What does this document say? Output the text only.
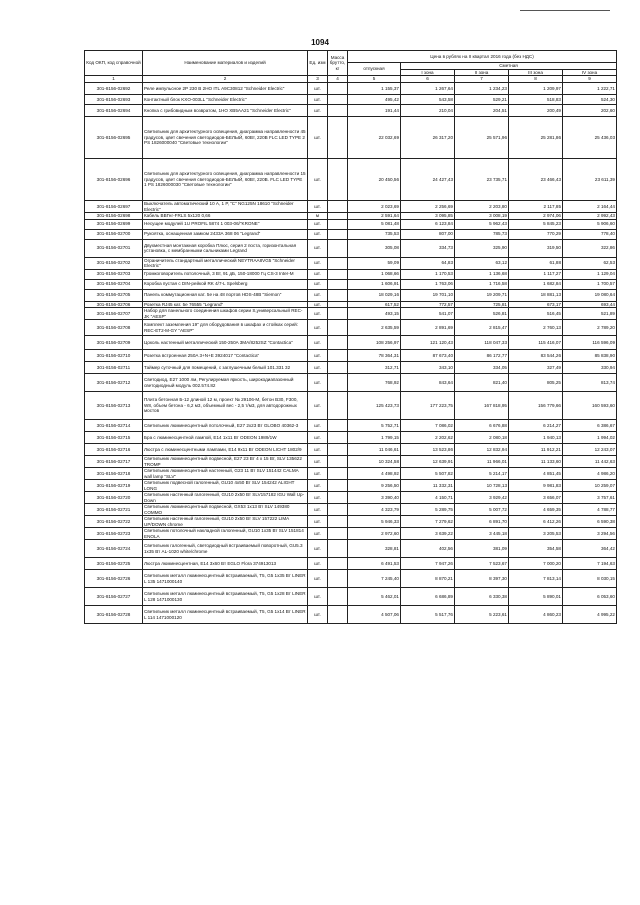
1094
Код ОКП, код справочной	Наименование материалов и изделий	Ед. изм	Масса брутто, кг	Цена в рублях на II квартал 2016 года (без НДС)				
				отпускная	Сметная			
					I зона	II зона	III зона	IV зона
1	2	3	4	5	6	7	8	9
301-8156-02692	Реле импульсное 2Р 230 В 2НО ITL А9С30812 "Schneider Electric"	шт.		1 155,37	1 267,64	1 234,23	1 209,97	1 222,71
301-8156-02693	Контактный блок KXO-003LL "Schneider Electric"	шт.		495,42	543,58	529,21	518,83	524,30
301-8156-02694	Кнопка с грибовидным возвратом, 1НО XB5AA21 "Schneider Electric"	шт.		191,44	210,04	204,51	200,49	202,60
301-8156-02695	Светильник для архитектурного освещения, диаграмма направленности 45 градусов, цвет свечения светодиодов-БЕЛЫЙ, 60Вт, 220В FLC LED TYPE 2 PS 1826000040 "Световые технологии"	шт.		22 032,69	26 317,20	25 571,96	25 281,86	25 436,03
301-8156-02696	Светильник для архитектурного освещения, диаграмма направленности 15 градусов, цвет свечения светодиодов-БЕЛЫЙ, 60Вт, 220В. FLC LED TYPE 1 PS 1826000030 "Световые технологии"	шт.		20 450,56	24 427,43	23 735,71	23 466,43	23 611,39
301-8156-02697	Выключатель автоматический 10 А, 1 Р, "С" NG125N 18610 "Schneider Electric"	шт.		2 023,69	2 256,69	2 203,80	2 117,85	2 164,44
301-8156-02698	Кабель ВВГнг-FRLS 5х120 0,66	м		2 591,64	3 095,85	3 008,19	2 974,06	2 992,43
301-8156-02699	Несущее модулей 1U PROFIL 5874 1 003-06/"KRONE"	шт.		5 081,48	6 123,84	5 962,43	5 845,23	5 906,60
301-8156-02700	Рукоятка, оснащенная замком 2433А 368 06 "Legrand"	шт.		735,53	807,00	785,73	770,29	778,40
301-8156-02701	Двухместная монтажная коробка Плюс, серия 2 поста, горизонтальная установка, с мембранными сальниками Legrand	шт.		305,08	334,73	325,90	319,50	322,86
301-8156-02702	Ограничитель стандартный металлический NEYTRAA8VG5 "Schneider Electric"	шт.		59,09	64,83	63,12	61,88	62,53
301-8156-02703	Громкоговоритель потолочный, 3 Вт, 91 дБ, 150-18000 Гц CS-3 Inter-M	шт.		1 068,66	1 170,53	1 136,68	1 117,27	1 129,04
301-8156-02704	Коробка пустая с DIN-рейкой RK 4/7-L Spelsberg	шт.		1 606,91	1 763,06	1 716,58	1 682,84	1 700,57
301-8156-02705	Панель коммутационная кат. 5е на 48 портов HDS-48B "Siemon"	шт.		18 029,16	19 701,10	19 209,71	18 881,13	19 080,64
301-8156-02706	Розетка RJ45 кат. 5е 76555 "Legrand"	шт.		617,52	772,57	725,81	673,17	693,44
301-8156-02707	Набор для панельного соединения шкафов серии S,универсальный REC-JK "AESP"	шт.		493,15	541,07	526,81	516,45	521,89
301-8156-02708	Комплект заземления 19" для оборудования в шкафах и стойках серий: REC-ET2-M-GY "AESP"	шт.		2 635,59	2 891,69	2 815,47	2 760,13	2 789,20
301-8156-02709	Цоколь настенный металлический 150-250A 3MA/8252SZ "Contactica"	шт.		108 256,97	121 120,43	118 047,33	115 416,07	116 596,09
301-8156-02710	Розетка встроенная 250A 3+N+E 3924017 "Contactica"	шт.		78 364,31	87 673,40	86 172,77	83 544,26	85 838,90
301-8156-02711	Таймер суточный для помещений, с заглушечным белый 101.331 32	шт.		312,71	343,10	334,05	327,49	330,94
301-8156-02712	Светодиод, Е27 1000 лм, Регулируемая яркость, широкодиапазонный светодиодный модуль 002.574.82	шт.		768,92	843,64	821,40	805,25	813,74
301-8156-02713	Плита бетонная Б-12 длиной 12 м, проект № 29106-М, бетон В30, F300, W8, объем бетона - 6,2 м3, объемный вес - 2,5 т/м3, для автодорожных мостов	шт.		125 423,73	177 223,75	167 818,95	156 779,66	160 593,60
301-8156-02714	Светильник люминесцентный потолочный, Е27 2x23 Вт GLOBO 40362-3	шт.		5 752,71	7 086,02	6 676,88	6 214,27	6 386,67
301-8156-02715	Бра с люминесцентной лампой, Е14 1x11 Вт ODEON 1989/1W	шт.		1 799,15	2 202,62	2 080,18	1 940,13	1 994,02
301-8156-02716	Люстра с люминесцентными лампами, Е14 9x11 Вт ODEON LICHT 1802/9	шт.		11 046,61	13 523,86	12 832,94	11 912,21	12 243,07
301-8156-02717	Светильник люминесцентный подвесной, Е27 23 Вт 4 x 15 Вт, SLV 135622 TROMP	шт.		10 324,58	12 639,91	11 966,01	11 133,60	11 442,63
301-8156-02718	Светильник люминесцентный настенный, G23 11 Вт SLV 151442 CALMA wall lamp "SLV"	шт.		4 498,92	5 507,82	5 214,17	4 851,45	4 986,20
301-8156-02719	Светильник подвесной галогенный, GU10 4x50 Вт SLV 154242 ALIGHT LONG	шт.		9 256,50	11 332,31	10 728,13	9 981,83	10 259,07
301-8156-02720	Светильник настенный галогенный, GU10 2x50 Вт SLV157182 IGU Wall Up-Down	шт.		3 390,40	4 150,71	3 929,42	3 656,07	3 757,61
301-8156-02721	Светильник люминесцентный подвесной, GX53 1x13 Вт SLV 149380 COMMO	шт.		4 323,79	5 289,75	5 007,72	4 659,35	4 788,77
301-8156-02722	Светильник настенный галогенный, GU10 2x50 Вт SLV 157222 LIMA UP/DOWN chrome	шт.		5 946,33	7 279,62	6 891,70	6 412,26	6 590,38
301-8156-02723	Светильник потолочный накладной галогенный, GU10 1x35 Вт SLV 151814 ENOLA	шт.		2 972,60	3 639,22	3 445,18	3 205,53	3 294,56
301-8156-02724	Светильник галогенный, светодиодный встраиваемый поворотный, GU5.3 1x35 Вт AL-1020 white/chrome	шт.		328,81	402,56	381,09	354,58	364,42
301-8156-02725	Люстра люминесцентная, Е14 3x60 Вт EGLO Flora 374913013	шт.		6 491,53	7 947,26	7 523,67	7 000,20	7 194,63
301-8156-02726	Светильник металл люминесцентный встраиваемый, Т5, G5 1x35 Вт LINER L 135 1471000140	шт.		7 245,40	8 870,21	8 397,30	7 813,14	8 030,15
301-8156-02727	Светильник металл люминесцентный встраиваемый, Т5, G5 1x28 Вт LINER L 128 1471000130	шт.		5 462,01	6 686,89	6 330,38	5 890,01	6 053,60
301-8156-02728	Светильник металл люминесцентный встраиваемый, Т5, G5 1x14 Вт LINER L 114 1471000120	шт.		4 507,06	5 517,76	5 223,61	4 860,23	4 995,22
